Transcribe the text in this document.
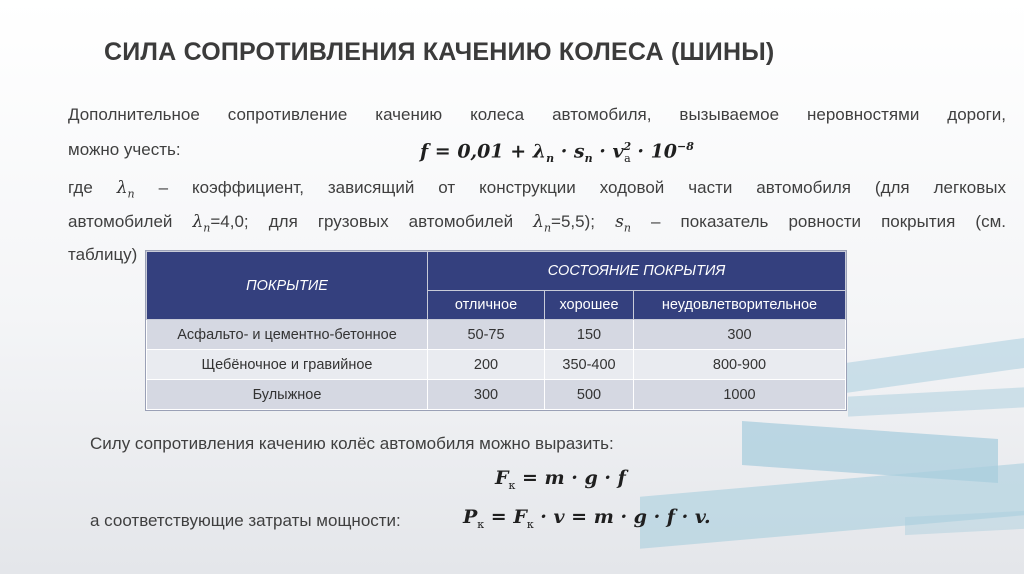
СИЛА СОПРОТИВЛЕНИЯ КАЧЕНИЮ КОЛЕСА (ШИНЫ)
Дополнительное сопротивление качению колеса автомобиля, вызываемое неровностями дороги,
можно учесть:	$f = 0,01 + \lambda_n \cdot s_n \cdot v^2_а \cdot 10^{-8}$
где $\lambda_n$ – коэффициент, зависящий от конструкции ходовой части автомобиля (для легковых
автомобилей $\lambda_n=4,0$; для грузовых автомобилей $\lambda_n=5,5$); $s_n$ – показатель ровности покрытия (см.
таблицу)
ПОКРЫТИЕ	СОСТОЯНИЕ ПОКРЫТИЯ		
	отличное	хорошее	неудовлетворительное
Асфальто- и цементно-бетонное	50-75	150	300
Щебёночное и гравийное	200	350-400	800-900
Булыжное	300	500	1000
Силу сопротивления качению колёс автомобиля можно выразить:
$F_к = m \cdot g \cdot f$
а соответствующие затраты мощности:	$P_к = F_к \cdot v = m \cdot g \cdot f \cdot v$.
